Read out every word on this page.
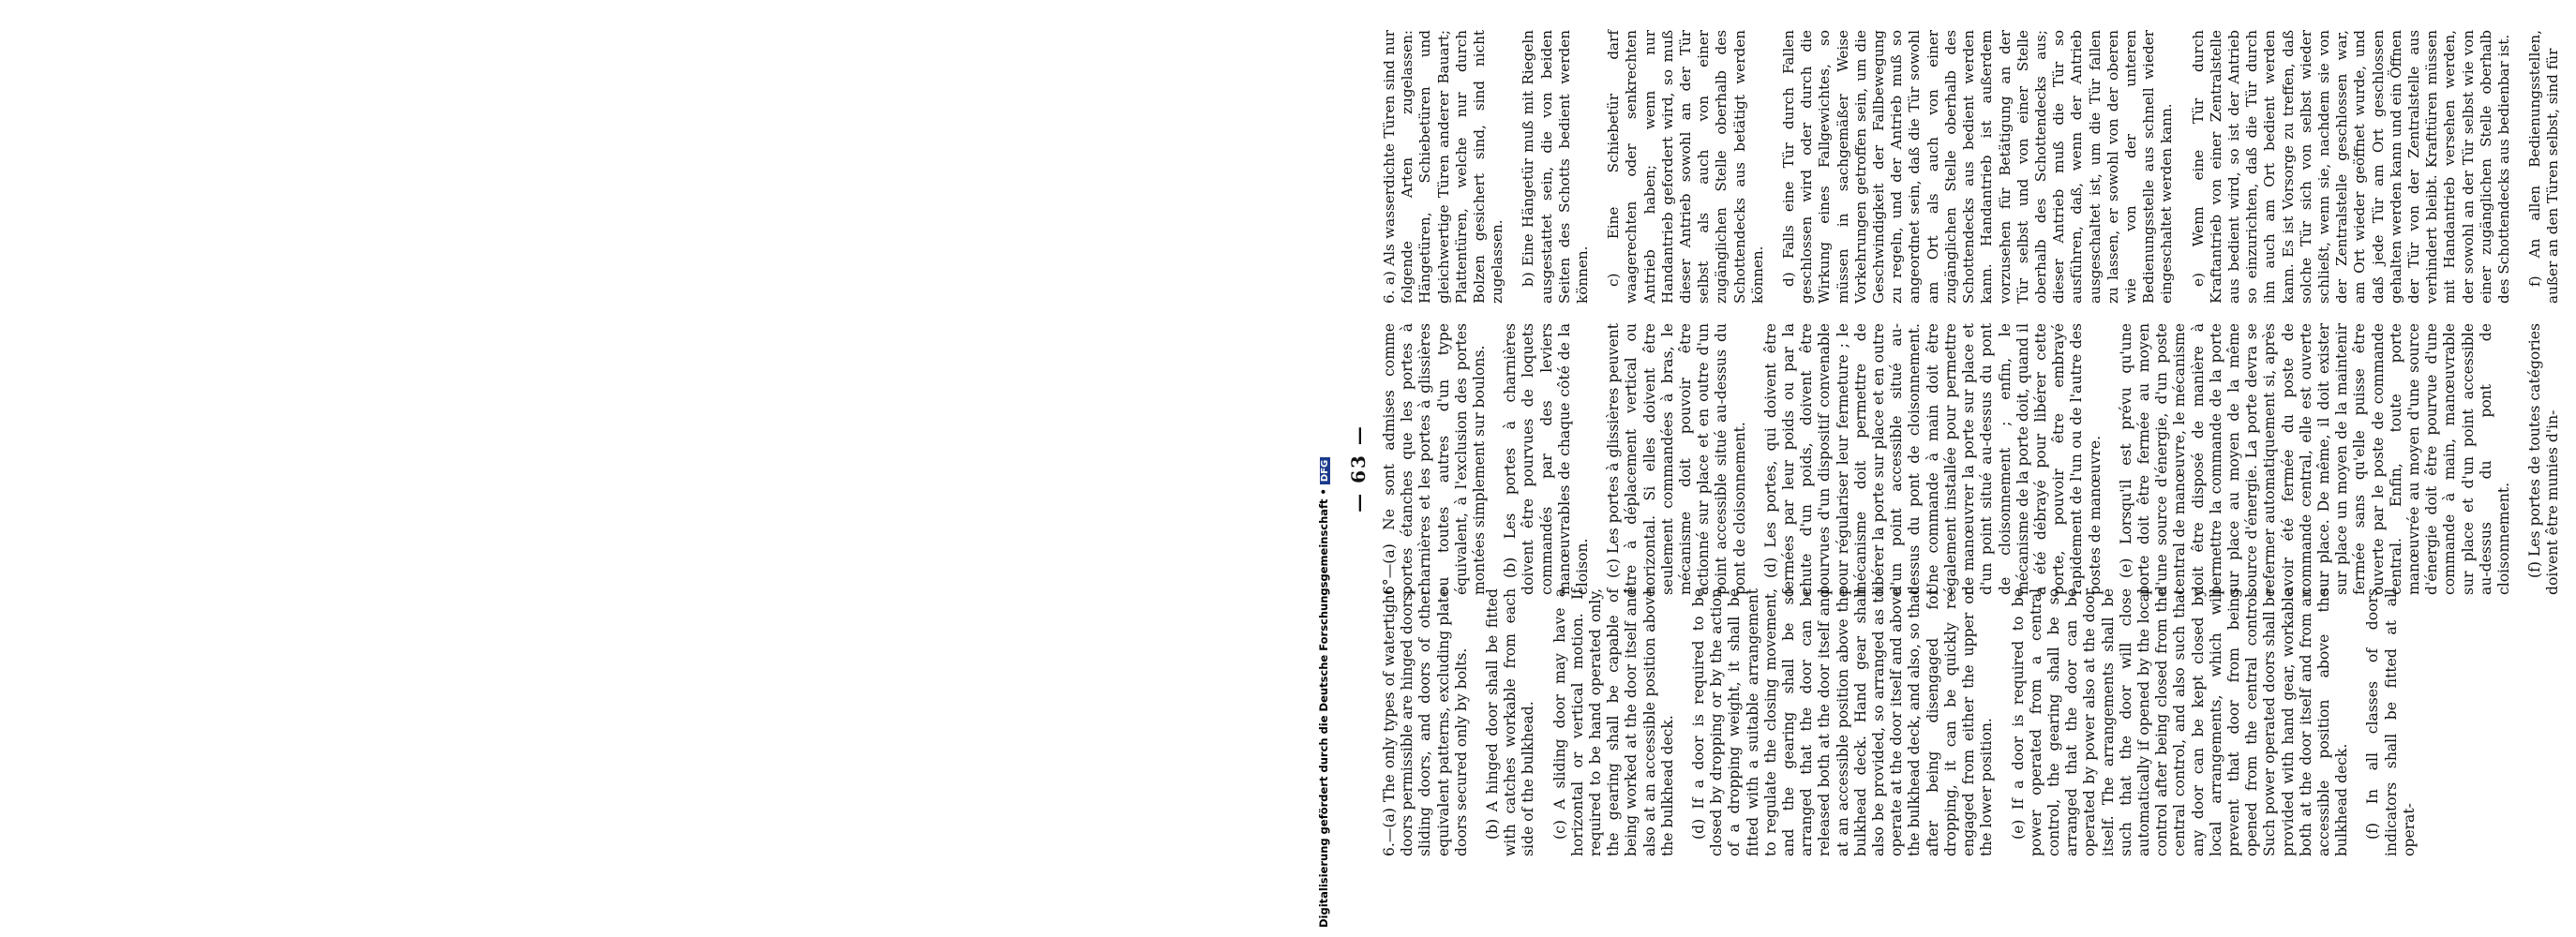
— 63 —

6.—(a) The only types of watertight doors permissible are hinged doors, sliding doors, and doors of other equivalent patterns, excluding plate doors secured only by bolts. (b) A hinged door shall be fitted with catches workable from each side of the bulkhead. (c) A sliding door may have a horizontal or vertical motion. If required to be hand operated only, the gearing shall be capable of being worked at the door itself and also at an accessible position above the bulkhead deck. (d) If a door is required to be closed by dropping or by the action of a dropping weight, it shall be fitted with a suitable arrangement to regulate the closing movement, and the gearing shall be so arranged that the door can be released both at the door itself and at an accessible position above the bulkhead deck. Hand gear shall also be provided, so arranged as to operate at the door itself and above the bulkhead deck, and also, so that after being disengaged for dropping, it can be quickly re-engaged from either the upper or the lower position. (e) If a door is required to be power operated from a central control, the gearing shall be so arranged that the door can be operated by power also at the door itself. The arrangements shall be such that the door will close automatically if opened by the local control after being closed from the central control, and also such that any door can be kept closed by local arrangements, which will prevent that door from being opened from the central control. Such power operated doors shall be provided with hand gear, workable both at the door itself and from an accessible position above the bulkhead deck. (f) In all classes of doors indicators shall be fitted at all operat-

6°—(a) Ne sont admises comme portes étanches que les portes à charnières et les portes à glissières ou toutes autres d'un type équivalent, à l'exclusion des portes montées simplement sur boulons. (b) Les portes à charnières doivent être pourvues de loquets commandés par des leviers manœuvrables de chaque côté de la cloison. (c) Les portes à glissières peuvent être à déplacement vertical ou horizontal. Si elles doivent être seulement commandées à bras, le mécanisme doit pouvoir être actionné sur place et en outre d'un point accessible situé au-dessus du pont de cloisonnement. (d) Les portes, qui doivent être fermées par leur poids ou par la chute d'un poids, doivent être pourvues d'un dispositif convenable pour régulariser leur fermeture ; le mécanisme doit permettre de libérer la porte sur place et en outre d'un point accessible situé au-dessus du pont de cloisonnement. Une commande à main doit être également installée pour permettre de manœuvrer la porte sur place et d'un point situé au-dessus du pont de cloisonnement ; enfin, le mécanisme de la porte doit, quand il a été débrayé pour libérer cette porte, pouvoir être embrayé rapidement de l'un ou de l'autre des postes de manœuvre. (e) Lorsqu'il est prévu qu'une porte doit être fermée au moyen d'une source d'énergie, d'un poste central de manœuvre, le mécanisme doit être disposé de manière à permettre la commande de la porte sur place au moyen de la même source d'énergie. La porte devra se refermer automatiquement si, après avoir été fermée du poste de commande central, elle est ouverte sur place. De même, il doit exister sur place un moyen de la maintenir fermée sans qu'elle puisse être ouverte par le poste de commande central. Enfin, toute porte manœuvrée au moyen d'une source d'énergie doit être pourvue d'une commande à main, manœuvrable sur place et d'un point accessible au-dessus du pont de cloisonnement. (f) Les portes de toutes catégories doivent être munies d'in-

6. a) Als wasserdichte Türen sind nur folgende Arten zugelassen: Hängetüren, Schiebetüren und gleichwertige Türen anderer Bauart; Plattentüren, welche nur durch Bolzen gesichert sind, sind nicht zugelassen. b) Eine Hängetür muß mit Riegeln ausgestattet sein, die von beiden Seiten des Schotts bedient werden können. c) Eine Schiebetür darf waagerechten oder senkrechten Antrieb haben; wenn nur Handantrieb gefordert wird, so muß dieser Antrieb sowohl an der Tür selbst als auch von einer zugänglichen Stelle oberhalb des Schottendecks aus betätigt werden können. d) Falls eine Tür durch Fallen geschlossen wird oder durch die Wirkung eines Fallgewichtes, so müssen in sachgemäßer Weise Vorkehrungen getroffen sein, um die Geschwindigkeit der Fallbewegung zu regeln, und der Antrieb muß so angeordnet sein, daß die Tür sowohl am Ort als auch von einer zugänglichen Stelle oberhalb des Schottendecks aus bedient werden kann. Handantrieb ist außerdem vorzusehen für Betätigung an der Tür selbst und von einer Stelle oberhalb des Schottendecks aus; dieser Antrieb muß die Tür so ausführen, daß, wenn der Antrieb ausgeschaltet ist, um die Tür fallen zu lassen, er sowohl von der oberen wie von der unteren Bedienungsstelle aus schnell wieder eingeschaltet werden kann. e) Wenn eine Tür durch Kraftantrieb von einer Zentralstelle aus bedient wird, so ist der Antrieb so einzurichten, daß die Tür durch ihn auch am Ort bedient werden kann. Es ist Vorsorge zu treffen, daß solche Tür sich von selbst wieder schließt, wenn sie, nachdem sie von der Zentralstelle geschlossen war, am Ort wieder geöffnet wurde, und daß jede Tür am Ort geschlossen gehalten werden kann und ein Öffnen der Tür von der Zentralstelle aus verhindert bleibt. Krafttüren müssen mit Handantrieb versehen werden, der sowohl an der Tür selbst wie von einer zugänglichen Stelle oberhalb des Schottendecks aus bedienbar ist. f) An allen Bedienungsstellen, außer an den Türen selbst, sind für

Digitalisierung gefördert durch die Deutsche Forschungsgemeinschaft • DFG
